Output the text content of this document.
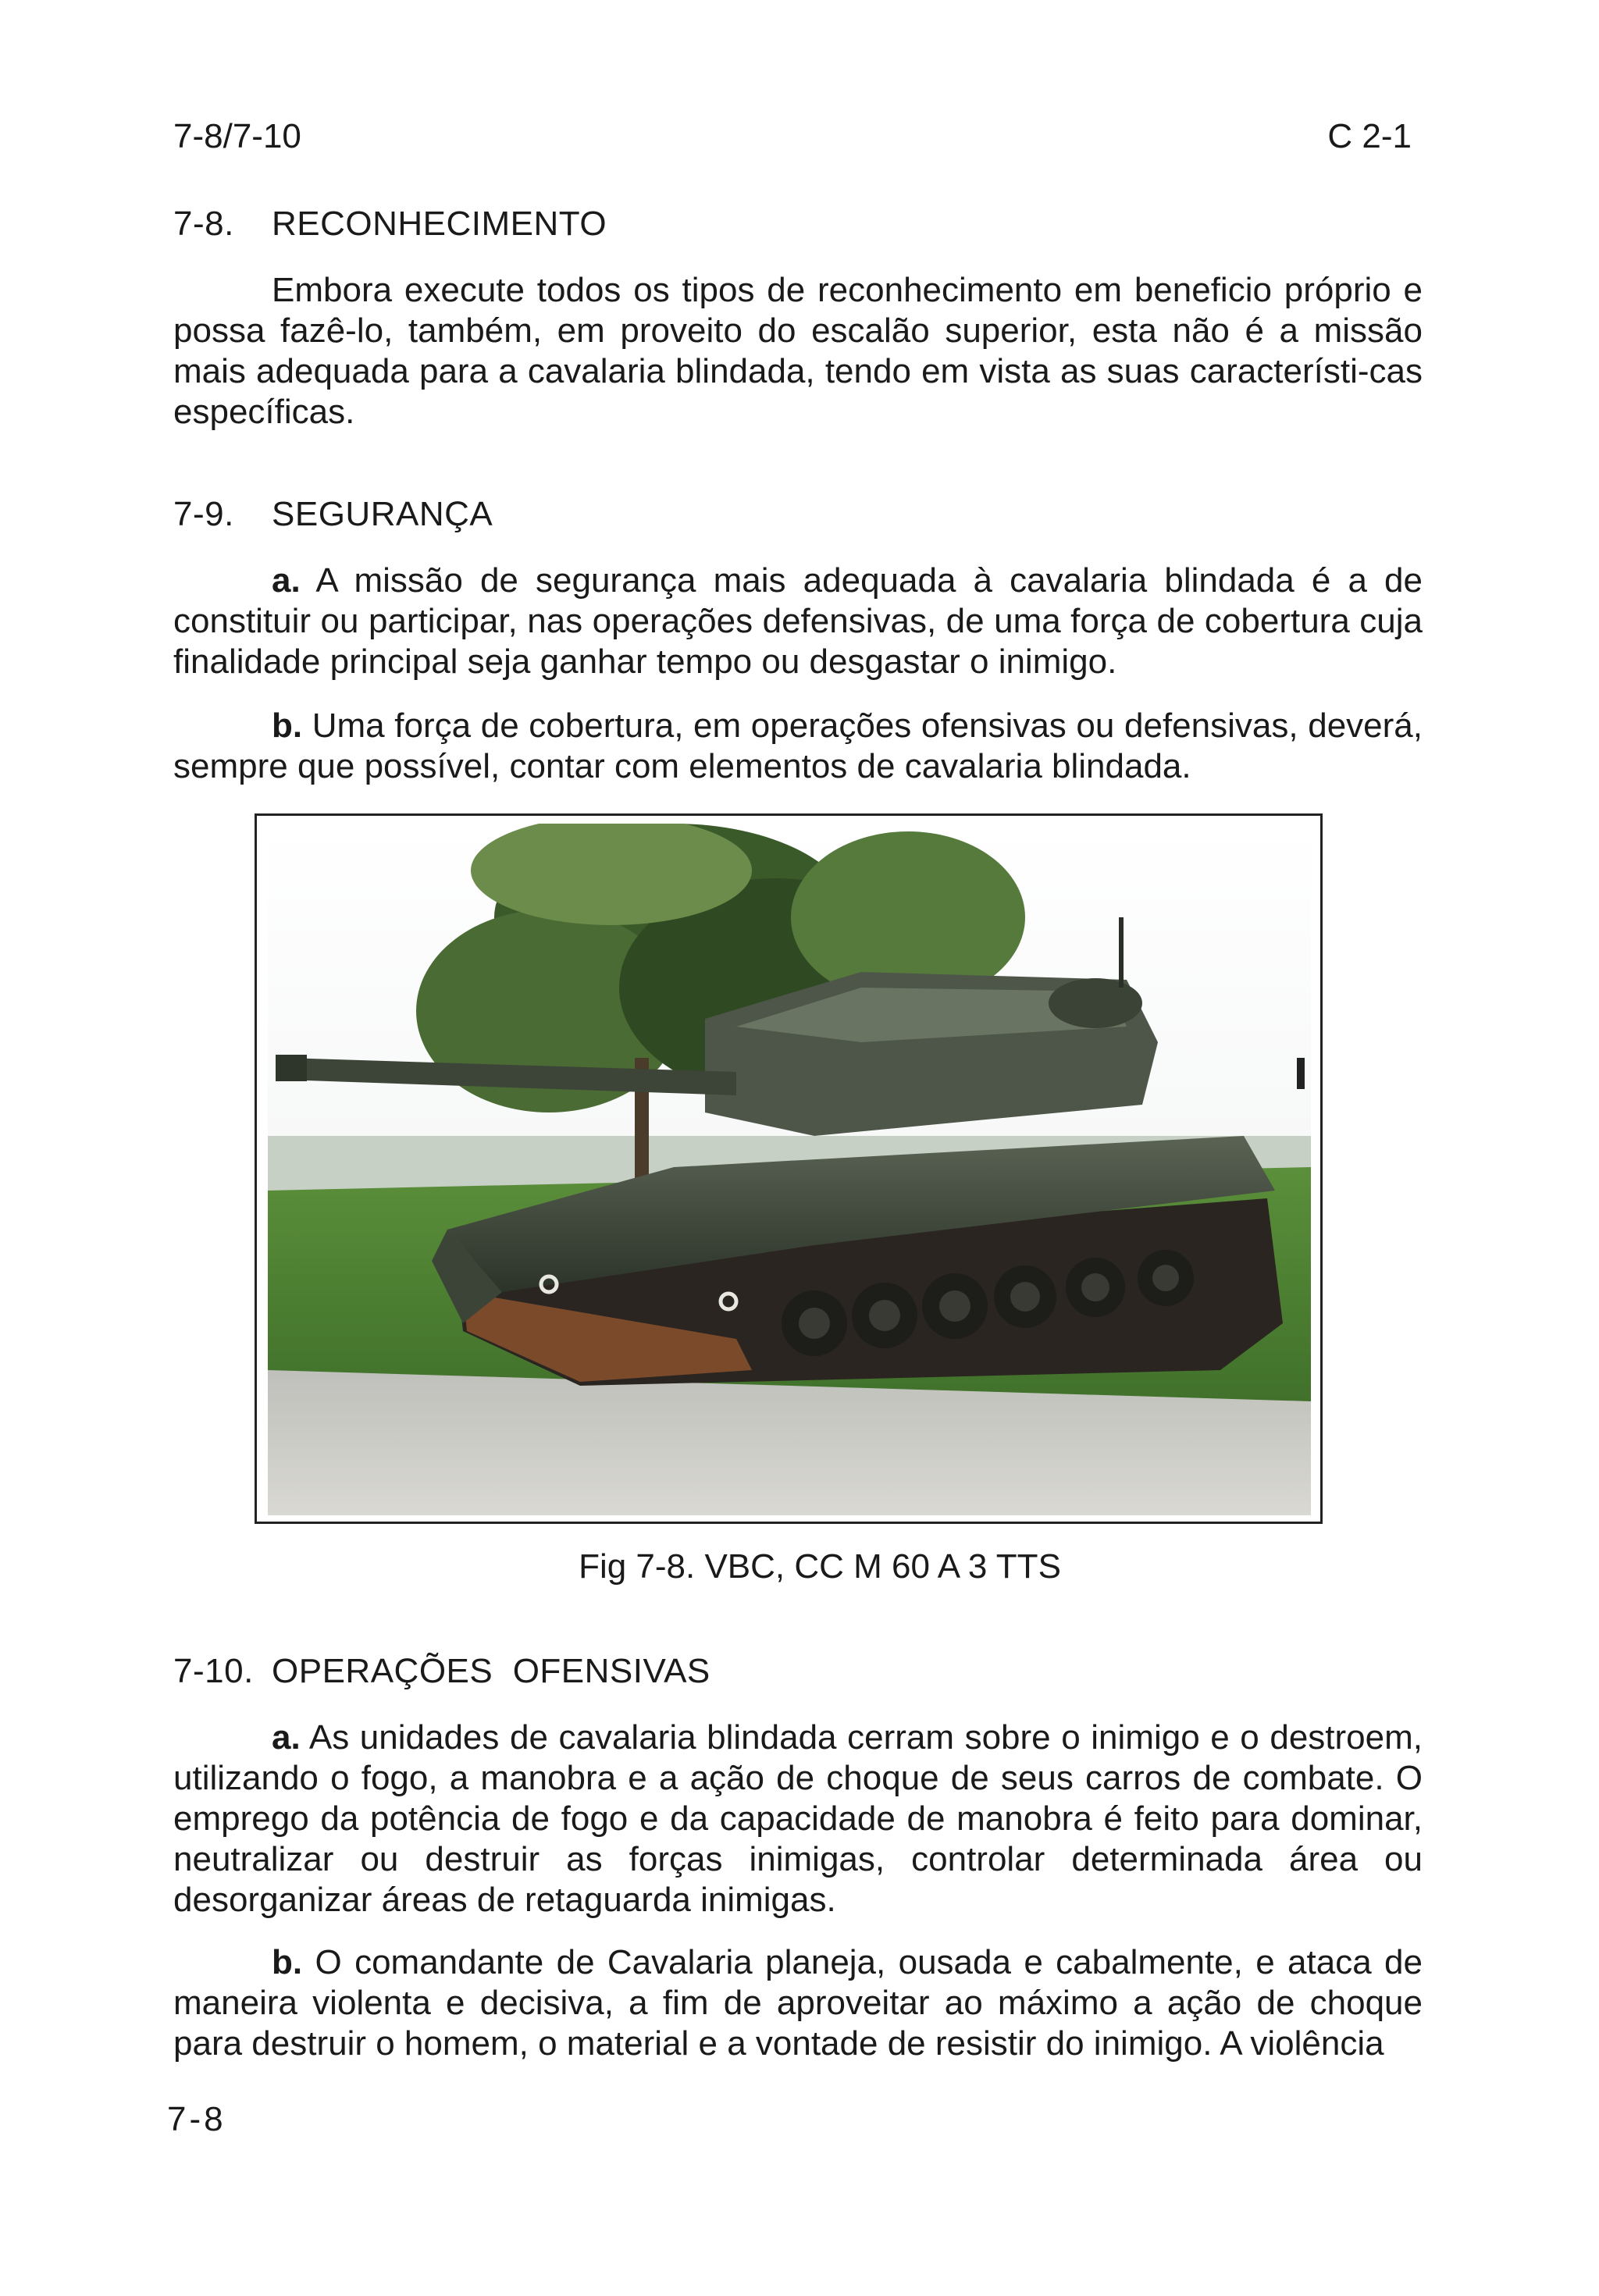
7-8/7-10	C 2-1
7-8. RECONHECIMENTO
Embora execute todos os tipos de reconhecimento em beneficio próprio e possa fazê-lo, também, em proveito do escalão superior, esta não é a missão mais adequada para a cavalaria blindada, tendo em vista as suas característi-cas específicas.
7-9. SEGURANÇA
a. A missão de segurança mais adequada à cavalaria blindada é a de constituir ou participar, nas operações defensivas, de uma força de cobertura cuja finalidade principal seja ganhar tempo ou desgastar o inimigo.
b. Uma força de cobertura, em operações ofensivas ou defensivas, deverá, sempre que possível, contar com elementos de cavalaria blindada.
Fig 7-8. VBC, CC M 60 A 3 TTS
7-10. OPERAÇÕES  OFENSIVAS
a. As unidades de cavalaria blindada cerram sobre o inimigo e o destroem, utilizando o fogo, a manobra e a ação de choque de seus carros de combate. O emprego da potência de fogo e da capacidade de manobra é feito para dominar, neutralizar ou destruir as forças inimigas, controlar determinada área ou desorganizar áreas de retaguarda inimigas.
b. O comandante de Cavalaria planeja, ousada e cabalmente, e ataca de maneira violenta e decisiva, a fim de aproveitar ao máximo a ação de choque para destruir o homem, o material e a vontade de resistir do inimigo. A violência
7-8
